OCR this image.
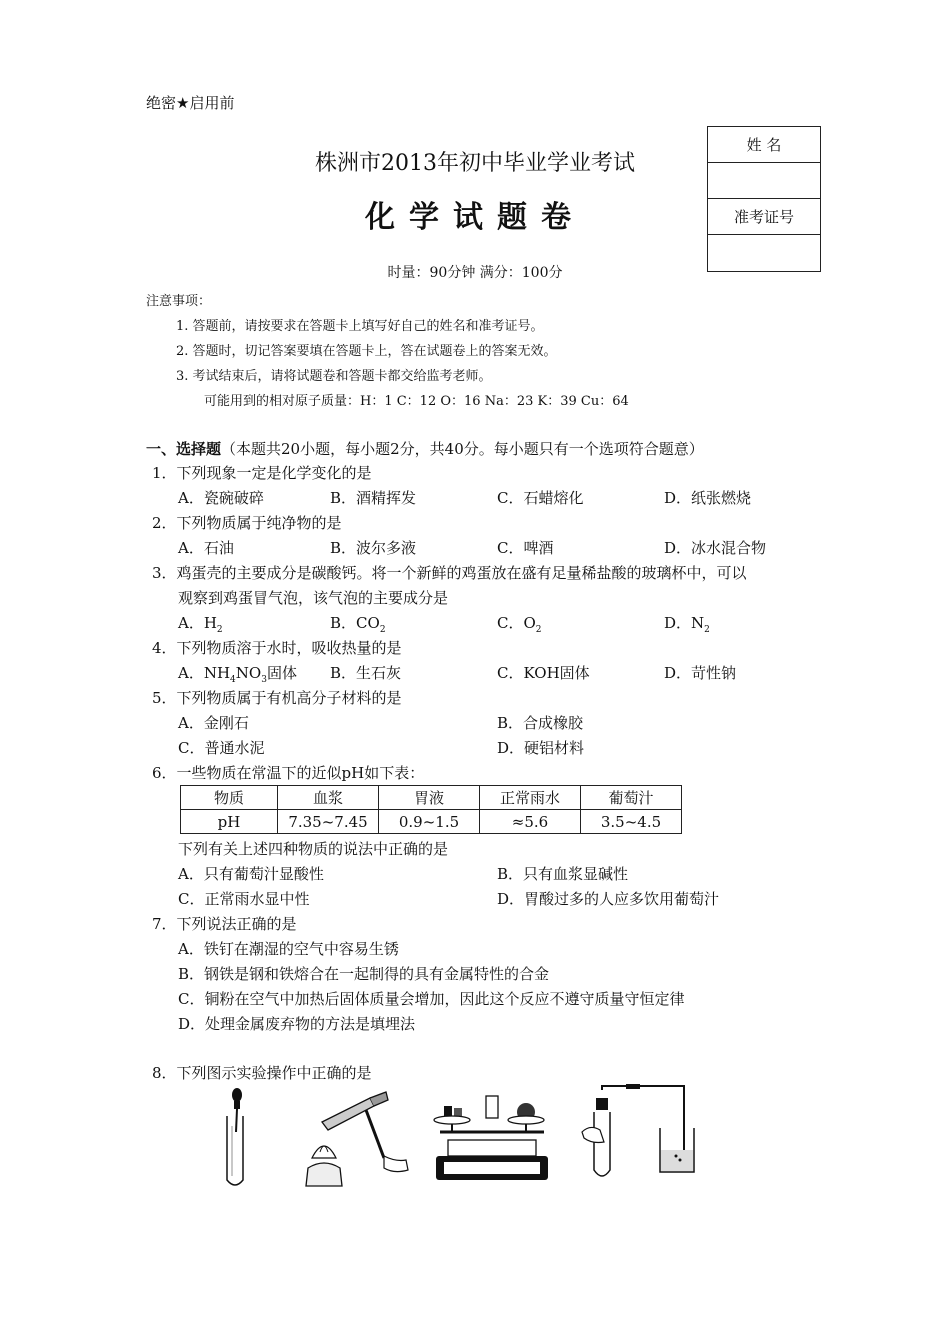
绝密★启用前
株洲市2013年初中毕业学业考试
化学试题卷
时量：90分钟 满分：100分
姓 名
准考证号
注意事项：
1. 答题前，请按要求在答题卡上填写好自己的姓名和准考证号。
2. 答题时，切记答案要填在答题卡上，答在试题卷上的答案无效。
3. 考试结束后，请将试题卷和答题卡都交给监考老师。
可能用到的相对原子质量：H：1 C：12 O：16 Na：23 K：39 Cu：64
一、选择题（本题共20小题，每小题2分，共40分。每小题只有一个选项符合题意）
1．下列现象一定是化学变化的是
A．瓷碗破碎	B．酒精挥发	C．石蜡熔化	D．纸张燃烧
2．下列物质属于纯净物的是
A．石油	B．波尔多液	C．啤酒	D．冰水混合物
3．鸡蛋壳的主要成分是碳酸钙。将一个新鲜的鸡蛋放在盛有足量稀盐酸的玻璃杯中，可以
观察到鸡蛋冒气泡，该气泡的主要成分是
A．$H_2$	B．$CO_2$	C．$O_2$	D．$N_2$
4．下列物质溶于水时，吸收热量的是
A．$NH_4NO_3$固体 B．生石灰	C．KOH固体	D．苛性钠
5．下列物质属于有机高分子材料的是
A．金刚石	B．合成橡胶
C．普通水泥	D．硬铝材料
6．一些物质在常温下的近似pH如下表：
物质	血浆	胃液	正常雨水	葡萄汁
pH	7.35~7.45	0.9~1.5	≈5.6	3.5~4.5
下列有关上述四种物质的说法中正确的是
A．只有葡萄汁显酸性	B．只有血浆显碱性
C．正常雨水显中性	D．胃酸过多的人应多饮用葡萄汁
7．下列说法正确的是
A．铁钉在潮湿的空气中容易生锈
B．钢铁是钢和铁熔合在一起制得的具有金属特性的合金
C．铜粉在空气中加热后固体质量会增加，因此这个反应不遵守质量守恒定律
D．处理金属废弃物的方法是填埋法
8．下列图示实验操作中正确的是
